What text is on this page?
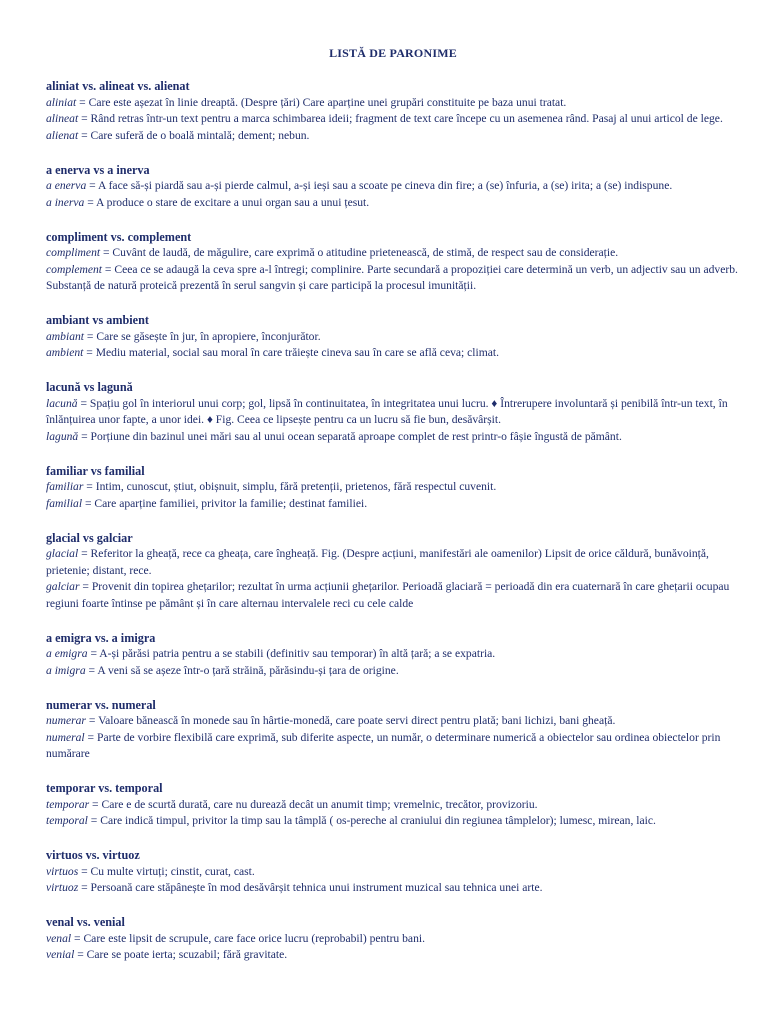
LISTĂ DE PARONIME
aliniat vs. alineat vs. alienat
aliniat = Care este așezat în linie dreaptă. (Despre țări) Care aparține unei grupări constituite pe baza unui tratat.
alineat = Rând retras într-un text pentru a marca schimbarea ideii; fragment de text care începe cu un asemenea rând. Pasaj al unui articol de lege.
alienat = Care suferă de o boală mintală; dement; nebun.
a enerva vs a inerva
a enerva = A face să-și piardă sau a-și pierde calmul, a-și ieși sau a scoate pe cineva din fire; a (se) înfuria, a (se) irita; a (se) indispune.
a inerva = A produce o stare de excitare a unui organ sau a unui țesut.
compliment vs. complement
compliment = Cuvânt de laudă, de măgulire, care exprimă o atitudine prietenească, de stimă, de respect sau de considerație.
complement = Ceea ce se adaugă la ceva spre a-l întregi; complinire. Parte secundară a propoziției care determină un verb, un adjectiv sau un adverb. Substanță de natură proteică prezentă în serul sangvin și care participă la procesul imunității.
ambiant vs ambient
ambiant = Care se găsește în jur, în apropiere, înconjurător.
ambient = Mediu material, social sau moral în care trăiește cineva sau în care se află ceva; climat.
lacună vs lagună
lacună = Spațiu gol în interiorul unui corp; gol, lipsă în continuitatea, în integritatea unui lucru. ♦ Întrerupere involuntară și penibilă într-un text, în înlănțuirea unor fapte, a unor idei. ♦ Fig. Ceea ce lipsește pentru ca un lucru să fie bun, desăvârșit.
lagună = Porțiune din bazinul unei mări sau al unui ocean separată aproape complet de rest printr-o fâșie îngustă de pământ.
familiar vs familial
familiar = Intim, cunoscut, știut, obișnuit, simplu, fără pretenții, prietenos, fără respectul cuvenit.
familial = Care aparține familiei, privitor la familie; destinat familiei.
glacial vs galciar
glacial = Referitor la gheață, rece ca gheața, care îngheață. Fig. (Despre acțiuni, manifestări ale oamenilor) Lipsit de orice căldură, bunăvoință, prietenie; distant, rece.
galciar = Provenit din topirea ghețarilor; rezultat în urma acțiunii ghețarilor. Perioadă glaciară = perioadă din era cuaternară în care ghețarii ocupau regiuni foarte întinse pe pământ și în care alternau intervalele reci cu cele calde
a emigra vs. a imigra
a emigra = A-și părăsi patria pentru a se stabili (definitiv sau temporar) în altă țară; a se expatria.
a imigra = A veni să se așeze într-o țară străină, părăsindu-și țara de origine.
numerar vs. numeral
numerar = Valoare bănească în monede sau în hârtie-monedă, care poate servi direct pentru plată; bani lichizi, bani gheață.
numeral = Parte de vorbire flexibilă care exprimă, sub diferite aspecte, un număr, o determinare numerică a obiectelor sau ordinea obiectelor prin numărare
temporar vs. temporal
temporar = Care e de scurtă durată, care nu durează decât un anumit timp; vremelnic, trecător, provizoriu.
temporal = Care indică timpul, privitor la timp sau la tâmplă ( os-pereche al craniului din regiunea tâmplelor); lumesc, mirean, laic.
virtuos vs. virtuoz
virtuos = Cu multe virtuți; cinstit, curat, cast.
virtuoz = Persoană care stăpânește în mod desăvârșit tehnica unui instrument muzical sau tehnica unei arte.
venal vs. venial
venal = Care este lipsit de scrupule, care face orice lucru (reprobabil) pentru bani.
venial = Care se poate ierta; scuzabil; fără gravitate.
